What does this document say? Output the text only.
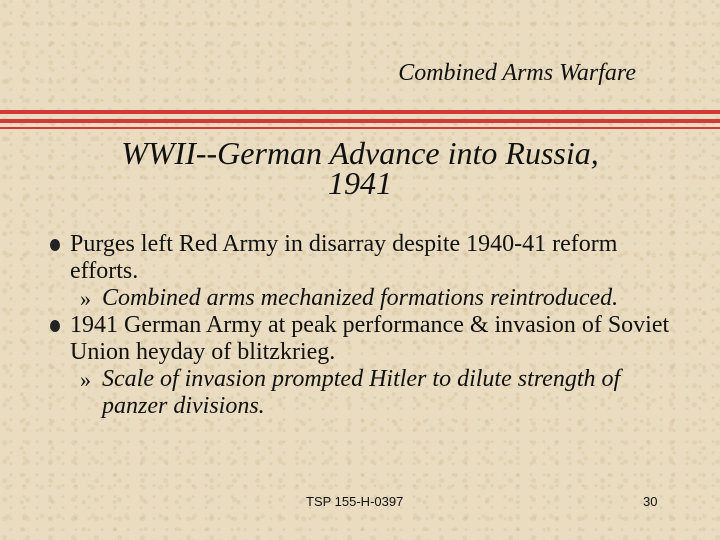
Combined Arms Warfare
WWII--German Advance into Russia,
1941
Purges left Red Army in disarray despite 1940-41 reform efforts.
» Combined arms mechanized formations reintroduced.
1941 German Army at peak performance & invasion of Soviet Union heyday of blitzkrieg.
» Scale of invasion prompted Hitler to dilute strength of panzer divisions.
TSP 155-H-0397	30
